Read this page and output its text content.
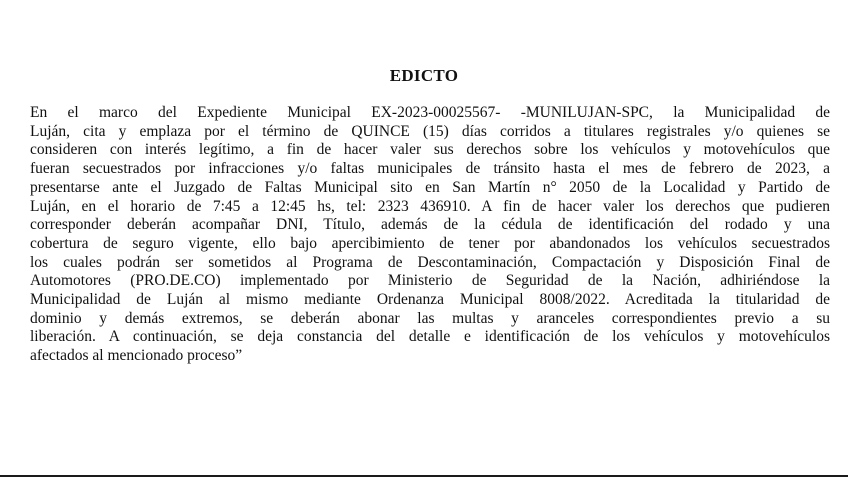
EDICTO
En el marco del Expediente Municipal EX-2023-00025567- -MUNILUJAN-SPC, la Municipalidad de
Luján, cita y emplaza por el término de QUINCE (15) días corridos a titulares registrales y/o quienes se
consideren con interés legítimo, a fin de hacer valer sus derechos sobre los vehículos y motovehículos que
fueran secuestrados por infracciones y/o faltas municipales de tránsito hasta el mes de febrero de 2023, a
presentarse ante el Juzgado de Faltas Municipal sito en San Martín n° 2050 de la Localidad y Partido de
Luján, en el horario de 7:45 a 12:45 hs, tel: 2323 436910. A fin de hacer valer los derechos que pudieren
corresponder deberán acompañar DNI, Título, además de la cédula de identificación del rodado y una
cobertura de seguro vigente, ello bajo apercibimiento de tener por abandonados los vehículos secuestrados
los cuales podrán ser sometidos al Programa de Descontaminación, Compactación y Disposición Final de
Automotores (PRO.DE.CO) implementado por Ministerio de Seguridad de la Nación, adhiriéndose la
Municipalidad de Luján al mismo mediante Ordenanza Municipal 8008/2022. Acreditada la titularidad de
dominio y demás extremos, se deberán abonar las multas y aranceles correspondientes previo a su
liberación. A continuación, se deja constancia del detalle e identificación de los vehículos y motovehículos
afectados al mencionado proceso”
